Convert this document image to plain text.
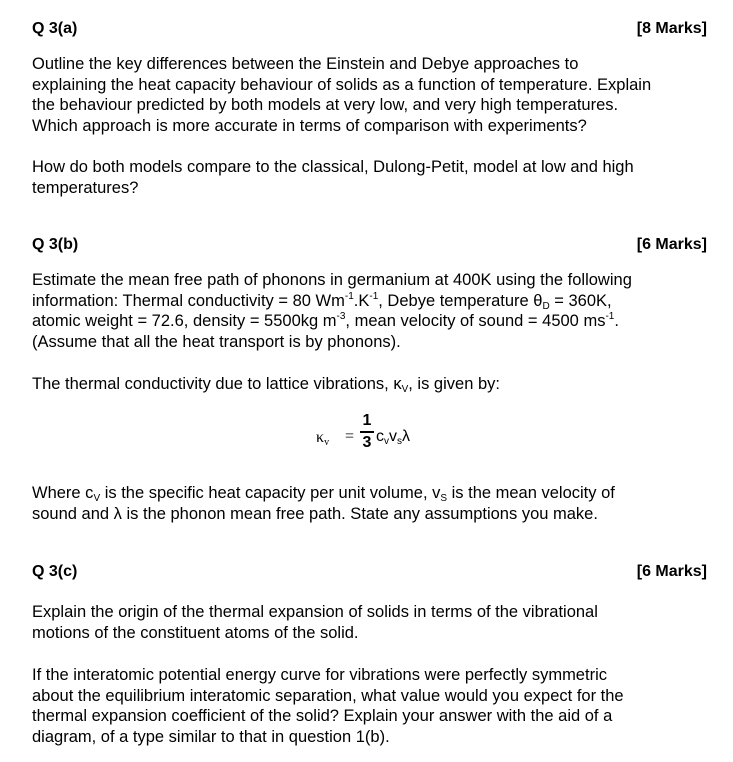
Q 3(a)	[8 Marks]

Outline the key differences between the Einstein and Debye approaches to
explaining the heat capacity behaviour of solids as a function of temperature. Explain
the behaviour predicted by both models at very low, and very high temperatures.
Which approach is more accurate in terms of comparison with experiments?

How do both models compare to the classical, Dulong-Petit, model at low and high
temperatures?

Q 3(b)	[6 Marks]

Estimate the mean free path of phonons in germanium at 400K using the following
information: Thermal conductivity = 80 $Wm^{-1}.K^{-1}$, Debye temperature $\theta_D = 360K$,
atomic weight = 72.6, density = 5500kg $m^{-3}$, mean velocity of sound = 4500 $ms^{-1}$.
(Assume that all the heat transport is by phonons).

The thermal conductivity due to lattice vibrations, $\kappa_V$, is given by:

$\kappa_v$ =
1
3 $c_vv_s\lambda$

Where $c_V$ is the specific heat capacity per unit volume, $v_S$ is the mean velocity of
sound and λ is the phonon mean free path. State any assumptions you make.

Q 3(c)	[6 Marks]

Explain the origin of the thermal expansion of solids in terms of the vibrational
motions of the constituent atoms of the solid.

If the interatomic potential energy curve for vibrations were perfectly symmetric
about the equilibrium interatomic separation, what value would you expect for the
thermal expansion coefficient of the solid? Explain your answer with the aid of a
diagram, of a type similar to that in question 1(b).
